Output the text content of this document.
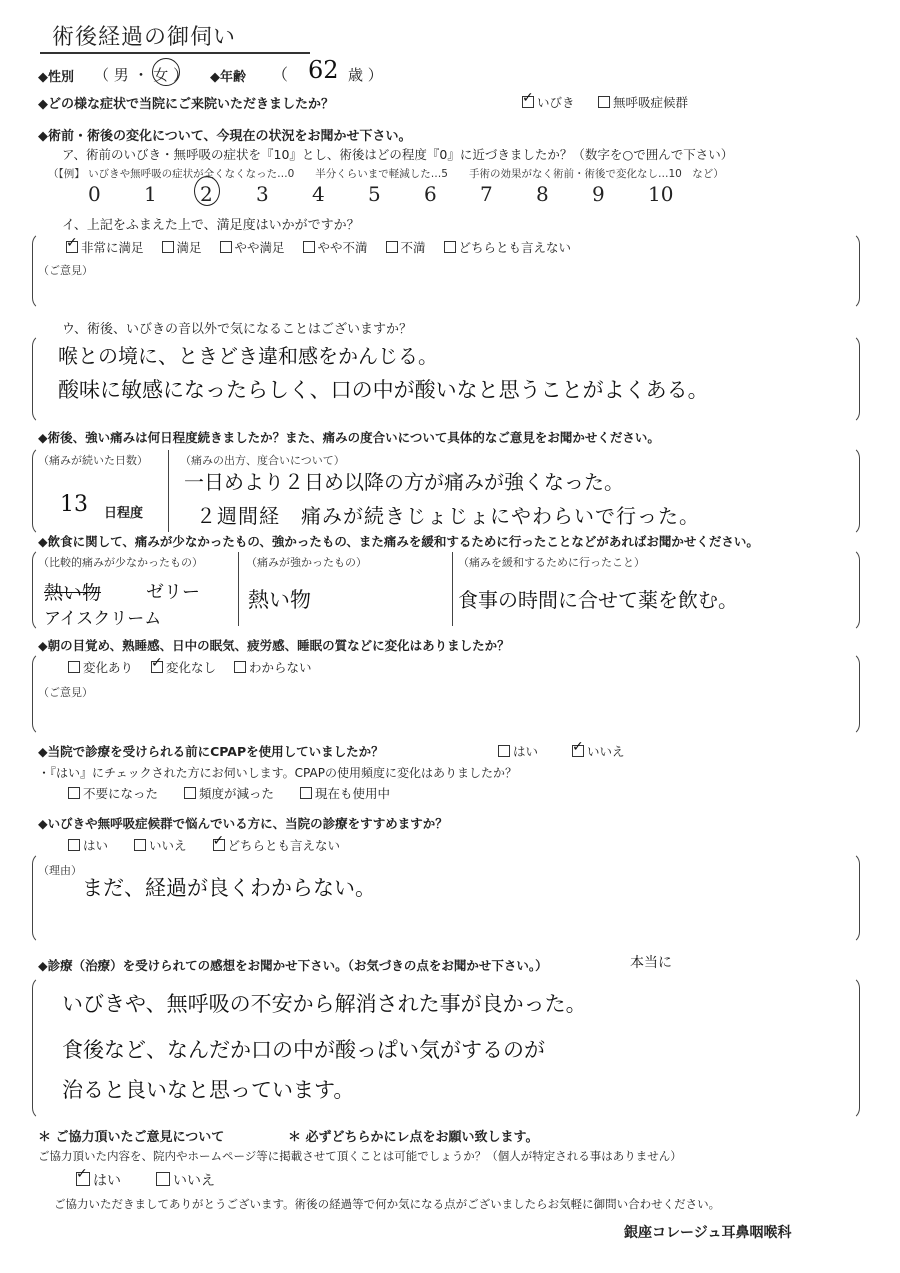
術後経過の御伺い
◆性別 （ 男 ・ 女 ） ◆年齢 （ 62 歳 ）
◆どの様な症状で当院にご来院いただきましたか？ ✓	いびき	無呼吸症候群
◆術前・術後の変化について、今現在の状況をお聞かせ下さい。
ア、術前のいびき・無呼吸の症状を『10』とし、術後はどの程度『0』に近づきましたか？（数字を○で囲んで下さい）
（【例】 いびきや無呼吸の症状が全くなくなった…0　　半分くらいまで軽減した…5　　手術の効果がなく術前・術後で変化なし…10　など）
0	1	2	3	4	5	6	7	8	9	10
イ、上記をふまえた上で、満足度はいかがですか？
✓非常に満足	満足	やや満足	やや不満	不満	どちらとも言えない
（ご意見）
ウ、術後、いびきの音以外で気になることはございますか？
喉との境に、ときどき違和感をかんじる。
酸味に敏感になったらしく、口の中が酸いなと思うことがよくある。
◆術後、強い痛みは何日程度続きましたか？また、痛みの度合いについて具体的なご意見をお聞かせください。
（痛みが続いた日数）
13 日程度
（痛みの出方、度合いについて）
一日めより２日め以降の方が痛みが強くなった。
２週間経　痛みが続きじょじょにやわらいで行った。
◆飲食に関して、痛みが少なかったもの、強かったもの、また痛みを緩和するために行ったことなどがあればお聞かせください。
（比較的痛みが少なかったもの）
熱い物 ゼリー
アイスクリーム
（痛みが強かったもの）
熱い物
（痛みを緩和するために行ったこと）
食事の時間に合せて薬を飲む。
◆朝の目覚め、熟睡感、日中の眠気、疲労感、睡眠の質などに変化はありましたか？
変化あり ✓	変化なし	わからない
（ご意見）
◆当院で診療を受けられる前にCPAPを使用していましたか？	はい ✓	いいえ
・『はい』にチェックされた方にお伺いします。CPAPの使用頻度に変化はありましたか？
不要になった	頻度が減った	現在も使用中
◆いびきや無呼吸症候群で悩んでいる方に、当院の診療をすすめますか？
はい	いいえ ✓	どちらとも言えない
（理由）
まだ、経過が良くわからない。
◆診療（治療）を受けられての感想をお聞かせ下さい。（お気づきの点をお聞かせ下さい。）	本当に
いびきや、無呼吸の不安から解消された事が良かった。
食後など、なんだか口の中が酸っぱい気がするのが
治ると良いなと思っています。
＊ ご協力頂いたご意見について	＊ 必ずどちらかにレ点をお願い致します。
ご協力頂いた内容を、院内やホームページ等に掲載させて頂くことは可能でしょうか？（個人が特定される事はありません）
✓はい	いいえ
ご協力いただきましてありがとうございます。術後の経過等で何か気になる点がございましたらお気軽に御問い合わせください。
銀座コレージュ耳鼻咽喉科
